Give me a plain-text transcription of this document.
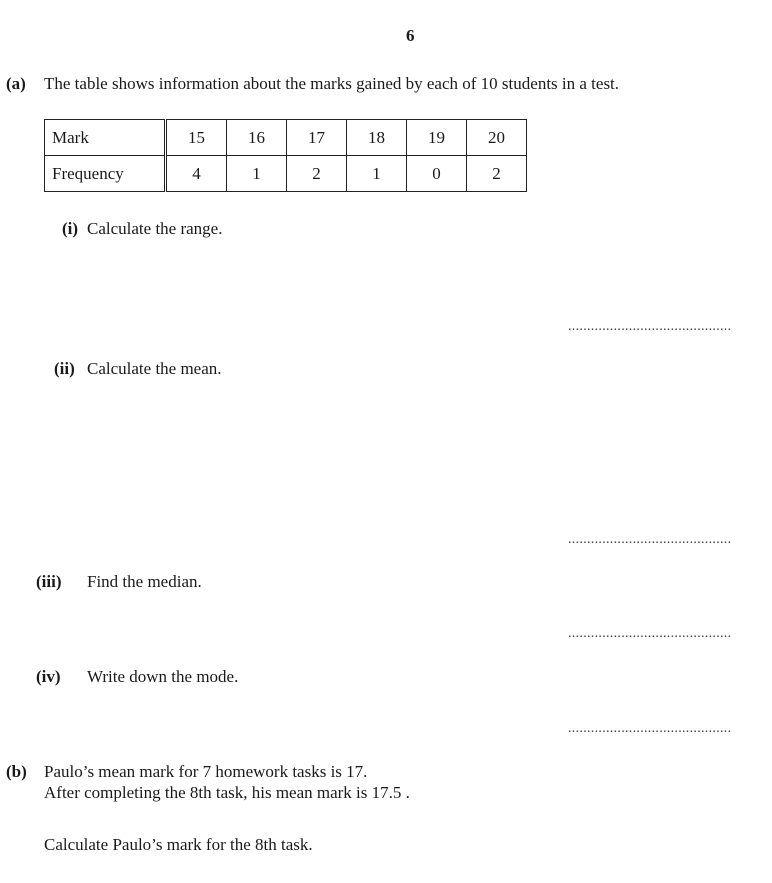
6
(a) The table shows information about the marks gained by each of 10 students in a test.
Mark	15	16	17	18	19	20
Frequency	4	1	2	1	0	2
(i) Calculate the range.
...........................................
(ii) Calculate the mean.
...........................................
(iii) Find the median.
...........................................
(iv) Write down the mode.
...........................................
(b) Paulo’s mean mark for 7 homework tasks is 17.
After completing the 8th task, his mean mark is 17.5 .
Calculate Paulo’s mark for the 8th task.
